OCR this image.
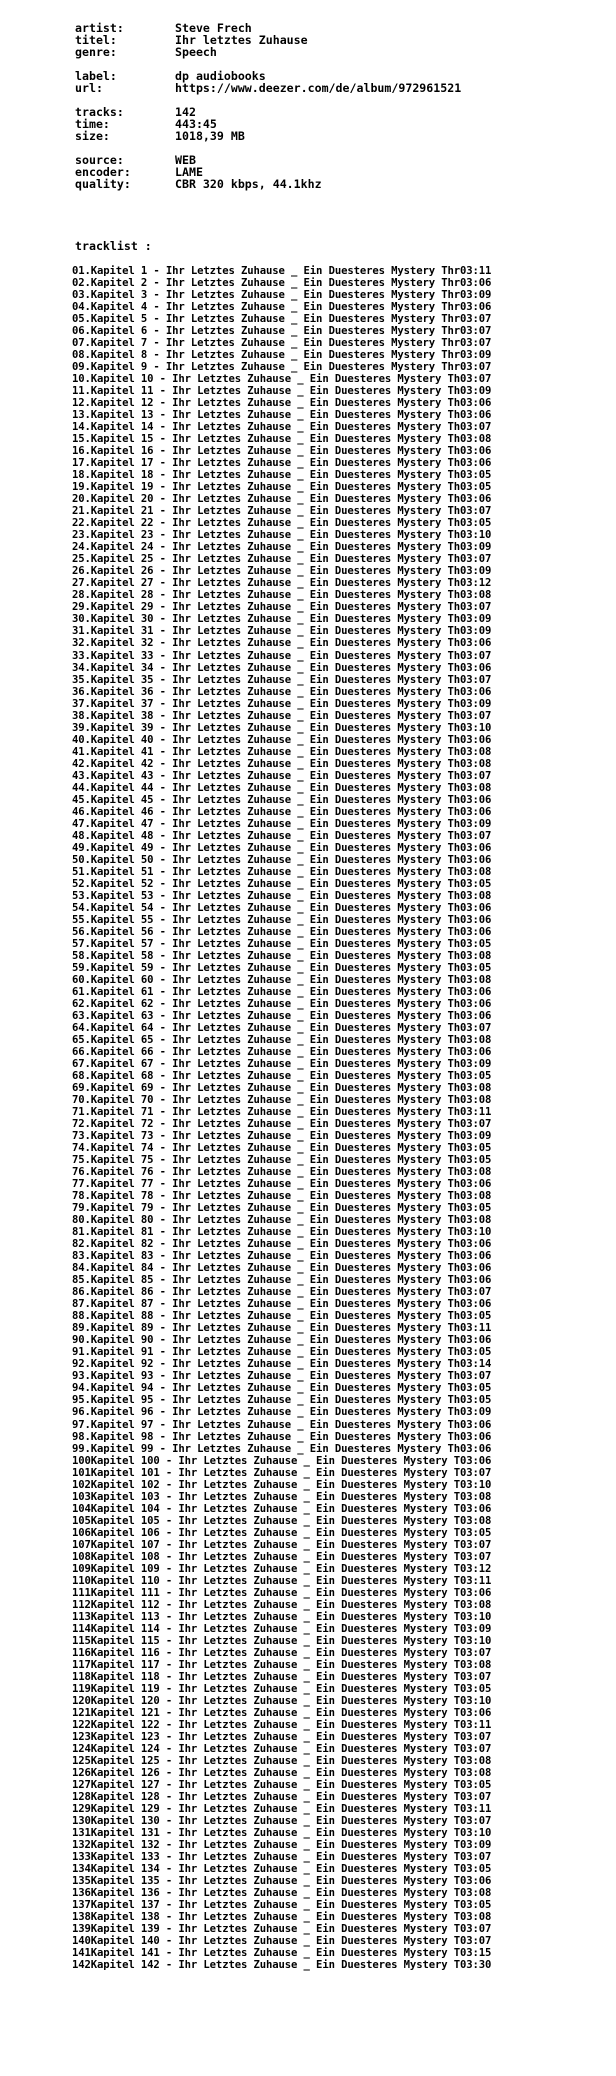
artist:	Steve Frech
titel:	Ihr letztes Zuhause
genre:	Speech
label:	dp audiobooks
url:	https://www.deezer.com/de/album/972961521
tracks:	142
time:	443:45
size:	1018,39 MB
source:	WEB
encoder:	LAME
quality:	CBR 320 kbps, 44.1khz
tracklist :
01.Kapitel 1 - Ihr Letztes Zuhause _ Ein Duesteres Mystery Thr03:11
02.Kapitel 2 - Ihr Letztes Zuhause _ Ein Duesteres Mystery Thr03:06
03.Kapitel 3 - Ihr Letztes Zuhause _ Ein Duesteres Mystery Thr03:09
04.Kapitel 4 - Ihr Letztes Zuhause _ Ein Duesteres Mystery Thr03:06
05.Kapitel 5 - Ihr Letztes Zuhause _ Ein Duesteres Mystery Thr03:07
06.Kapitel 6 - Ihr Letztes Zuhause _ Ein Duesteres Mystery Thr03:07
07.Kapitel 7 - Ihr Letztes Zuhause _ Ein Duesteres Mystery Thr03:07
08.Kapitel 8 - Ihr Letztes Zuhause _ Ein Duesteres Mystery Thr03:09
09.Kapitel 9 - Ihr Letztes Zuhause _ Ein Duesteres Mystery Thr03:07
10.Kapitel 10 - Ihr Letztes Zuhause _ Ein Duesteres Mystery Th03:07
11.Kapitel 11 - Ihr Letztes Zuhause _ Ein Duesteres Mystery Th03:09
12.Kapitel 12 - Ihr Letztes Zuhause _ Ein Duesteres Mystery Th03:06
13.Kapitel 13 - Ihr Letztes Zuhause _ Ein Duesteres Mystery Th03:06
14.Kapitel 14 - Ihr Letztes Zuhause _ Ein Duesteres Mystery Th03:07
15.Kapitel 15 - Ihr Letztes Zuhause _ Ein Duesteres Mystery Th03:08
16.Kapitel 16 - Ihr Letztes Zuhause _ Ein Duesteres Mystery Th03:06
17.Kapitel 17 - Ihr Letztes Zuhause _ Ein Duesteres Mystery Th03:06
18.Kapitel 18 - Ihr Letztes Zuhause _ Ein Duesteres Mystery Th03:05
19.Kapitel 19 - Ihr Letztes Zuhause _ Ein Duesteres Mystery Th03:05
20.Kapitel 20 - Ihr Letztes Zuhause _ Ein Duesteres Mystery Th03:06
21.Kapitel 21 - Ihr Letztes Zuhause _ Ein Duesteres Mystery Th03:07
22.Kapitel 22 - Ihr Letztes Zuhause _ Ein Duesteres Mystery Th03:05
23.Kapitel 23 - Ihr Letztes Zuhause _ Ein Duesteres Mystery Th03:10
24.Kapitel 24 - Ihr Letztes Zuhause _ Ein Duesteres Mystery Th03:09
25.Kapitel 25 - Ihr Letztes Zuhause _ Ein Duesteres Mystery Th03:07
26.Kapitel 26 - Ihr Letztes Zuhause _ Ein Duesteres Mystery Th03:09
27.Kapitel 27 - Ihr Letztes Zuhause _ Ein Duesteres Mystery Th03:12
28.Kapitel 28 - Ihr Letztes Zuhause _ Ein Duesteres Mystery Th03:08
29.Kapitel 29 - Ihr Letztes Zuhause _ Ein Duesteres Mystery Th03:07
30.Kapitel 30 - Ihr Letztes Zuhause _ Ein Duesteres Mystery Th03:09
31.Kapitel 31 - Ihr Letztes Zuhause _ Ein Duesteres Mystery Th03:09
32.Kapitel 32 - Ihr Letztes Zuhause _ Ein Duesteres Mystery Th03:06
33.Kapitel 33 - Ihr Letztes Zuhause _ Ein Duesteres Mystery Th03:07
34.Kapitel 34 - Ihr Letztes Zuhause _ Ein Duesteres Mystery Th03:06
35.Kapitel 35 - Ihr Letztes Zuhause _ Ein Duesteres Mystery Th03:07
36.Kapitel 36 - Ihr Letztes Zuhause _ Ein Duesteres Mystery Th03:06
37.Kapitel 37 - Ihr Letztes Zuhause _ Ein Duesteres Mystery Th03:09
38.Kapitel 38 - Ihr Letztes Zuhause _ Ein Duesteres Mystery Th03:07
39.Kapitel 39 - Ihr Letztes Zuhause _ Ein Duesteres Mystery Th03:10
40.Kapitel 40 - Ihr Letztes Zuhause _ Ein Duesteres Mystery Th03:06
41.Kapitel 41 - Ihr Letztes Zuhause _ Ein Duesteres Mystery Th03:08
42.Kapitel 42 - Ihr Letztes Zuhause _ Ein Duesteres Mystery Th03:08
43.Kapitel 43 - Ihr Letztes Zuhause _ Ein Duesteres Mystery Th03:07
44.Kapitel 44 - Ihr Letztes Zuhause _ Ein Duesteres Mystery Th03:08
45.Kapitel 45 - Ihr Letztes Zuhause _ Ein Duesteres Mystery Th03:06
46.Kapitel 46 - Ihr Letztes Zuhause _ Ein Duesteres Mystery Th03:06
47.Kapitel 47 - Ihr Letztes Zuhause _ Ein Duesteres Mystery Th03:09
48.Kapitel 48 - Ihr Letztes Zuhause _ Ein Duesteres Mystery Th03:07
49.Kapitel 49 - Ihr Letztes Zuhause _ Ein Duesteres Mystery Th03:06
50.Kapitel 50 - Ihr Letztes Zuhause _ Ein Duesteres Mystery Th03:06
51.Kapitel 51 - Ihr Letztes Zuhause _ Ein Duesteres Mystery Th03:08
52.Kapitel 52 - Ihr Letztes Zuhause _ Ein Duesteres Mystery Th03:05
53.Kapitel 53 - Ihr Letztes Zuhause _ Ein Duesteres Mystery Th03:08
54.Kapitel 54 - Ihr Letztes Zuhause _ Ein Duesteres Mystery Th03:06
55.Kapitel 55 - Ihr Letztes Zuhause _ Ein Duesteres Mystery Th03:06
56.Kapitel 56 - Ihr Letztes Zuhause _ Ein Duesteres Mystery Th03:06
57.Kapitel 57 - Ihr Letztes Zuhause _ Ein Duesteres Mystery Th03:05
58.Kapitel 58 - Ihr Letztes Zuhause _ Ein Duesteres Mystery Th03:08
59.Kapitel 59 - Ihr Letztes Zuhause _ Ein Duesteres Mystery Th03:05
60.Kapitel 60 - Ihr Letztes Zuhause _ Ein Duesteres Mystery Th03:08
61.Kapitel 61 - Ihr Letztes Zuhause _ Ein Duesteres Mystery Th03:06
62.Kapitel 62 - Ihr Letztes Zuhause _ Ein Duesteres Mystery Th03:06
63.Kapitel 63 - Ihr Letztes Zuhause _ Ein Duesteres Mystery Th03:06
64.Kapitel 64 - Ihr Letztes Zuhause _ Ein Duesteres Mystery Th03:07
65.Kapitel 65 - Ihr Letztes Zuhause _ Ein Duesteres Mystery Th03:08
66.Kapitel 66 - Ihr Letztes Zuhause _ Ein Duesteres Mystery Th03:06
67.Kapitel 67 - Ihr Letztes Zuhause _ Ein Duesteres Mystery Th03:09
68.Kapitel 68 - Ihr Letztes Zuhause _ Ein Duesteres Mystery Th03:05
69.Kapitel 69 - Ihr Letztes Zuhause _ Ein Duesteres Mystery Th03:08
70.Kapitel 70 - Ihr Letztes Zuhause _ Ein Duesteres Mystery Th03:08
71.Kapitel 71 - Ihr Letztes Zuhause _ Ein Duesteres Mystery Th03:11
72.Kapitel 72 - Ihr Letztes Zuhause _ Ein Duesteres Mystery Th03:07
73.Kapitel 73 - Ihr Letztes Zuhause _ Ein Duesteres Mystery Th03:09
74.Kapitel 74 - Ihr Letztes Zuhause _ Ein Duesteres Mystery Th03:05
75.Kapitel 75 - Ihr Letztes Zuhause _ Ein Duesteres Mystery Th03:05
76.Kapitel 76 - Ihr Letztes Zuhause _ Ein Duesteres Mystery Th03:08
77.Kapitel 77 - Ihr Letztes Zuhause _ Ein Duesteres Mystery Th03:06
78.Kapitel 78 - Ihr Letztes Zuhause _ Ein Duesteres Mystery Th03:08
79.Kapitel 79 - Ihr Letztes Zuhause _ Ein Duesteres Mystery Th03:05
80.Kapitel 80 - Ihr Letztes Zuhause _ Ein Duesteres Mystery Th03:08
81.Kapitel 81 - Ihr Letztes Zuhause _ Ein Duesteres Mystery Th03:10
82.Kapitel 82 - Ihr Letztes Zuhause _ Ein Duesteres Mystery Th03:06
83.Kapitel 83 - Ihr Letztes Zuhause _ Ein Duesteres Mystery Th03:06
84.Kapitel 84 - Ihr Letztes Zuhause _ Ein Duesteres Mystery Th03:06
85.Kapitel 85 - Ihr Letztes Zuhause _ Ein Duesteres Mystery Th03:06
86.Kapitel 86 - Ihr Letztes Zuhause _ Ein Duesteres Mystery Th03:07
87.Kapitel 87 - Ihr Letztes Zuhause _ Ein Duesteres Mystery Th03:06
88.Kapitel 88 - Ihr Letztes Zuhause _ Ein Duesteres Mystery Th03:05
89.Kapitel 89 - Ihr Letztes Zuhause _ Ein Duesteres Mystery Th03:11
90.Kapitel 90 - Ihr Letztes Zuhause _ Ein Duesteres Mystery Th03:06
91.Kapitel 91 - Ihr Letztes Zuhause _ Ein Duesteres Mystery Th03:05
92.Kapitel 92 - Ihr Letztes Zuhause _ Ein Duesteres Mystery Th03:14
93.Kapitel 93 - Ihr Letztes Zuhause _ Ein Duesteres Mystery Th03:07
94.Kapitel 94 - Ihr Letztes Zuhause _ Ein Duesteres Mystery Th03:05
95.Kapitel 95 - Ihr Letztes Zuhause _ Ein Duesteres Mystery Th03:05
96.Kapitel 96 - Ihr Letztes Zuhause _ Ein Duesteres Mystery Th03:09
97.Kapitel 97 - Ihr Letztes Zuhause _ Ein Duesteres Mystery Th03:06
98.Kapitel 98 - Ihr Letztes Zuhause _ Ein Duesteres Mystery Th03:06
99.Kapitel 99 - Ihr Letztes Zuhause _ Ein Duesteres Mystery Th03:06
100Kapitel 100 - Ihr Letztes Zuhause _ Ein Duesteres Mystery T03:06
101Kapitel 101 - Ihr Letztes Zuhause _ Ein Duesteres Mystery T03:07
102Kapitel 102 - Ihr Letztes Zuhause _ Ein Duesteres Mystery T03:10
103Kapitel 103 - Ihr Letztes Zuhause _ Ein Duesteres Mystery T03:08
104Kapitel 104 - Ihr Letztes Zuhause _ Ein Duesteres Mystery T03:06
105Kapitel 105 - Ihr Letztes Zuhause _ Ein Duesteres Mystery T03:08
106Kapitel 106 - Ihr Letztes Zuhause _ Ein Duesteres Mystery T03:05
107Kapitel 107 - Ihr Letztes Zuhause _ Ein Duesteres Mystery T03:07
108Kapitel 108 - Ihr Letztes Zuhause _ Ein Duesteres Mystery T03:07
109Kapitel 109 - Ihr Letztes Zuhause _ Ein Duesteres Mystery T03:12
110Kapitel 110 - Ihr Letztes Zuhause _ Ein Duesteres Mystery T03:11
111Kapitel 111 - Ihr Letztes Zuhause _ Ein Duesteres Mystery T03:06
112Kapitel 112 - Ihr Letztes Zuhause _ Ein Duesteres Mystery T03:08
113Kapitel 113 - Ihr Letztes Zuhause _ Ein Duesteres Mystery T03:10
114Kapitel 114 - Ihr Letztes Zuhause _ Ein Duesteres Mystery T03:09
115Kapitel 115 - Ihr Letztes Zuhause _ Ein Duesteres Mystery T03:10
116Kapitel 116 - Ihr Letztes Zuhause _ Ein Duesteres Mystery T03:07
117Kapitel 117 - Ihr Letztes Zuhause _ Ein Duesteres Mystery T03:08
118Kapitel 118 - Ihr Letztes Zuhause _ Ein Duesteres Mystery T03:07
119Kapitel 119 - Ihr Letztes Zuhause _ Ein Duesteres Mystery T03:05
120Kapitel 120 - Ihr Letztes Zuhause _ Ein Duesteres Mystery T03:10
121Kapitel 121 - Ihr Letztes Zuhause _ Ein Duesteres Mystery T03:06
122Kapitel 122 - Ihr Letztes Zuhause _ Ein Duesteres Mystery T03:11
123Kapitel 123 - Ihr Letztes Zuhause _ Ein Duesteres Mystery T03:07
124Kapitel 124 - Ihr Letztes Zuhause _ Ein Duesteres Mystery T03:07
125Kapitel 125 - Ihr Letztes Zuhause _ Ein Duesteres Mystery T03:08
126Kapitel 126 - Ihr Letztes Zuhause _ Ein Duesteres Mystery T03:08
127Kapitel 127 - Ihr Letztes Zuhause _ Ein Duesteres Mystery T03:05
128Kapitel 128 - Ihr Letztes Zuhause _ Ein Duesteres Mystery T03:07
129Kapitel 129 - Ihr Letztes Zuhause _ Ein Duesteres Mystery T03:11
130Kapitel 130 - Ihr Letztes Zuhause _ Ein Duesteres Mystery T03:07
131Kapitel 131 - Ihr Letztes Zuhause _ Ein Duesteres Mystery T03:10
132Kapitel 132 - Ihr Letztes Zuhause _ Ein Duesteres Mystery T03:09
133Kapitel 133 - Ihr Letztes Zuhause _ Ein Duesteres Mystery T03:07
134Kapitel 134 - Ihr Letztes Zuhause _ Ein Duesteres Mystery T03:05
135Kapitel 135 - Ihr Letztes Zuhause _ Ein Duesteres Mystery T03:06
136Kapitel 136 - Ihr Letztes Zuhause _ Ein Duesteres Mystery T03:08
137Kapitel 137 - Ihr Letztes Zuhause _ Ein Duesteres Mystery T03:05
138Kapitel 138 - Ihr Letztes Zuhause _ Ein Duesteres Mystery T03:08
139Kapitel 139 - Ihr Letztes Zuhause _ Ein Duesteres Mystery T03:07
140Kapitel 140 - Ihr Letztes Zuhause _ Ein Duesteres Mystery T03:07
141Kapitel 141 - Ihr Letztes Zuhause _ Ein Duesteres Mystery T03:15
142Kapitel 142 - Ihr Letztes Zuhause _ Ein Duesteres Mystery T03:30
